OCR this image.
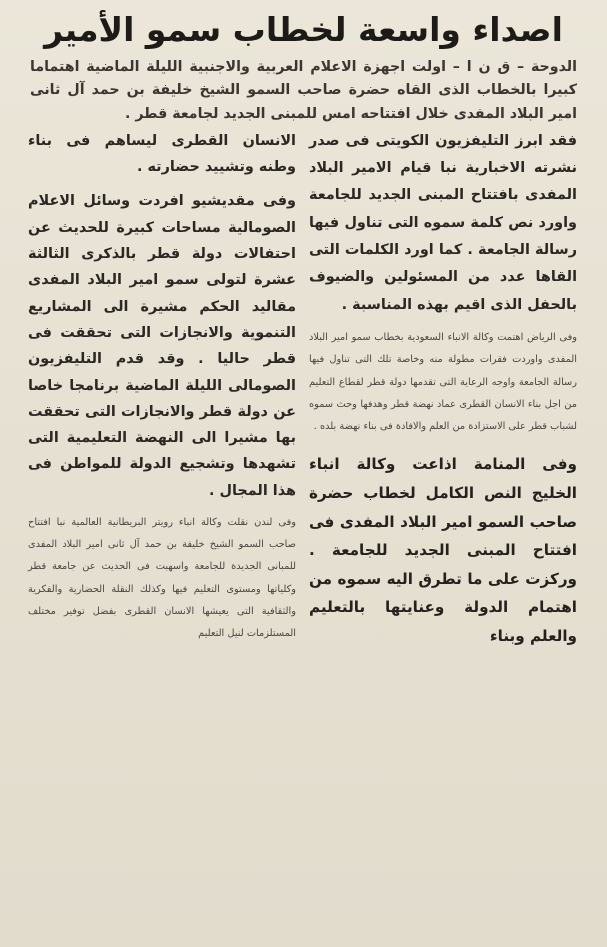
اصداء واسعة لخطاب سمو الأمير
الدوحة – ق ن ا – اولت اجهزة الاعلام العربية والاجنبية الليلة الماضية اهتماما كبيرا بالخطاب الذى القاه حضرة صاحب السمو الشيخ خليفة بن حمد آل ثانى امير البلاد المفدى خلال افتتاحه امس للمبنى الجديد لجامعة قطر .

فقد ابرز التليفزيون الكويتى فى صدر نشرته الاخبارية نبا قيام الامير البلاد المفدى بافتتاح المبنى الجديد للجامعة واورد نص كلمة سموه التى تناول فيها رسالة الجامعة . كما اورد الكلمات التى القاها عدد من المسئولين والضيوف بالحفل الذى اقيم بهذه المناسبة .

وفى الرياض اهتمت وكالة الانباء السعودية بخطاب سمو امير البلاد المفدى واوردت فقرات مطولة منه وخاصة تلك التى تناول فيها رسالة الجامعة واوجه الرعاية التى تقدمها دولة قطر لقطاع التعليم من اجل بناء الانسان القطرى عماد نهضة قطر وهدفها وحث سموه لشباب قطر على الاستزادة من العلم والافادة فى بناء نهضة بلده .

وفى المنامة اذاعت وكالة انباء الخليج النص الكامل لخطاب حضرة صاحب السمو امير البلاد المفدى فى افتتاح المبنى الجديد للجامعة . وركزت على ما تطرق اليه سموه من اهتمام الدولة وعنايتها بالتعليم والعلم وبناء

الانسان القطرى ليساهم فى بناء وطنه وتشييد حضارته .

وفى مقديشيو افردت وسائل الاعلام الصومالية مساحات كبيرة للحديث عن احتفالات دولة قطر بالذكرى الثالثة عشرة لتولى سمو امير البلاد المفدى مقاليد الحكم مشيرة الى المشاريع التنموية والانجازات التى تحققت فى قطر حاليا . وقد قدم التليفزيون الصومالى الليلة الماضية برنامجا خاصا عن دولة قطر والانجازات التى تحققت بها مشيرا الى النهضة التعليمية التى تشهدها وتشجيع الدولة للمواطن فى هذا المجال .

وفى لندن نقلت وكالة انباء رويتر البريطانية العالمية نبا افتتاح صاحب السمو الشيخ خليفة بن حمد آل ثانى امير البلاد المفدى للمبانى الجديدة للجامعة واسهبت فى الحديث عن جامعة قطر وكلياتها ومستوى التعليم فيها وكذلك النقلة الحضارية والفكرية والثقافية التى يعيشها الانسان القطرى بفضل توفير مختلف المستلزمات لنيل التعليم
